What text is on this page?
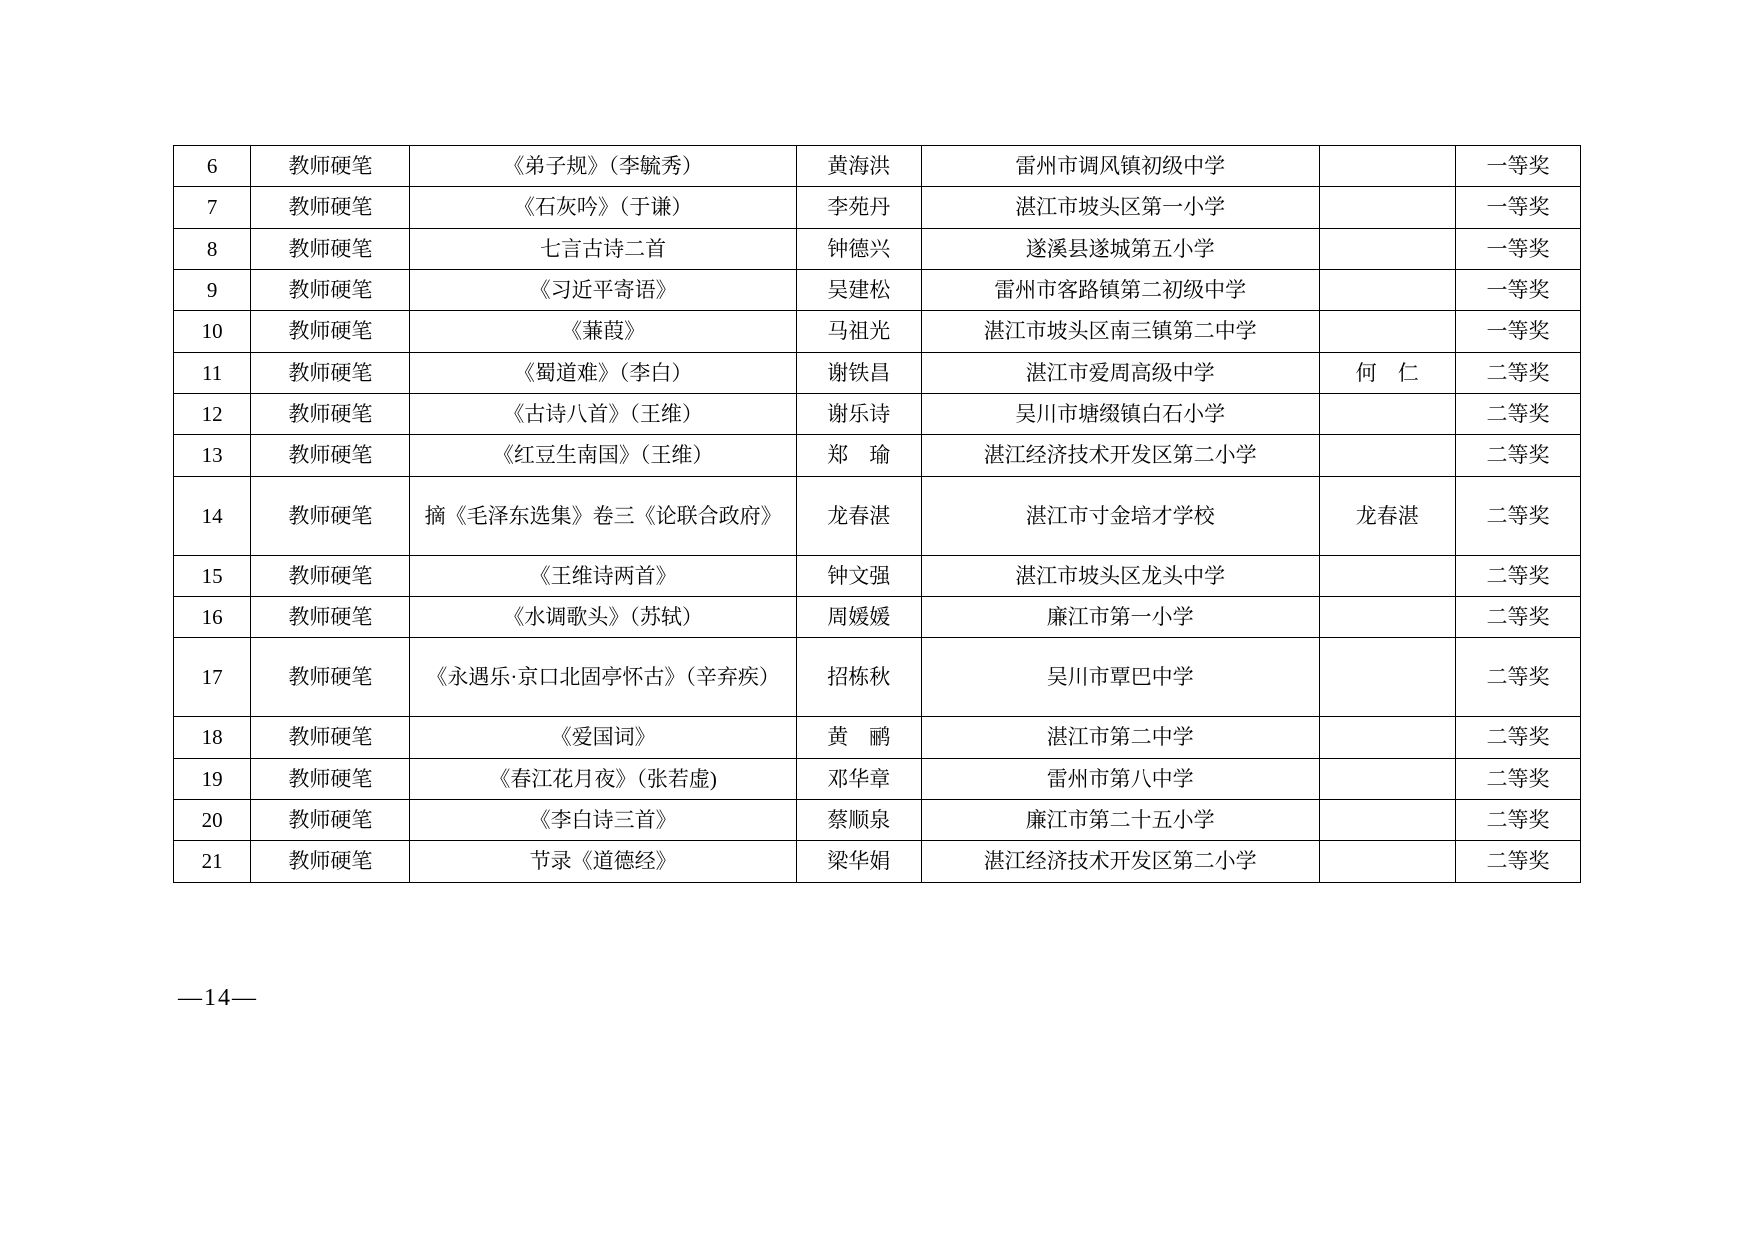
6	教师硬笔	《弟子规》（李毓秀）	黄海洪	雷州市调风镇初级中学		一等奖
7	教师硬笔	《石灰吟》（于谦）	李苑丹	湛江市坡头区第一小学		一等奖
8	教师硬笔	七言古诗二首	钟德兴	遂溪县遂城第五小学		一等奖
9	教师硬笔	《习近平寄语》	吴建松	雷州市客路镇第二初级中学		一等奖
10	教师硬笔	《蒹葭》	马祖光	湛江市坡头区南三镇第二中学		一等奖
11	教师硬笔	《蜀道难》（李白）	谢铁昌	湛江市爱周高级中学	何　仁	二等奖
12	教师硬笔	《古诗八首》（王维）	谢乐诗	吴川市塘缀镇白石小学		二等奖
13	教师硬笔	《红豆生南国》（王维）	郑　瑜	湛江经济技术开发区第二小学		二等奖
14	教师硬笔	摘《毛泽东选集》卷三《论联合政府》	龙春湛	湛江市寸金培才学校	龙春湛	二等奖
15	教师硬笔	《王维诗两首》	钟文强	湛江市坡头区龙头中学		二等奖
16	教师硬笔	《水调歌头》（苏轼）	周媛媛	廉江市第一小学		二等奖
17	教师硬笔	《永遇乐·京口北固亭怀古》（辛弃疾）	招栋秋	吴川市覃巴中学		二等奖
18	教师硬笔	《爱国词》	黄　鹂	湛江市第二中学		二等奖
19	教师硬笔	《春江花月夜》（张若虚)	邓华章	雷州市第八中学		二等奖
20	教师硬笔	《李白诗三首》	蔡顺泉	廉江市第二十五小学		二等奖
21	教师硬笔	节录《道德经》	梁华娟	湛江经济技术开发区第二小学		二等奖
—14—
